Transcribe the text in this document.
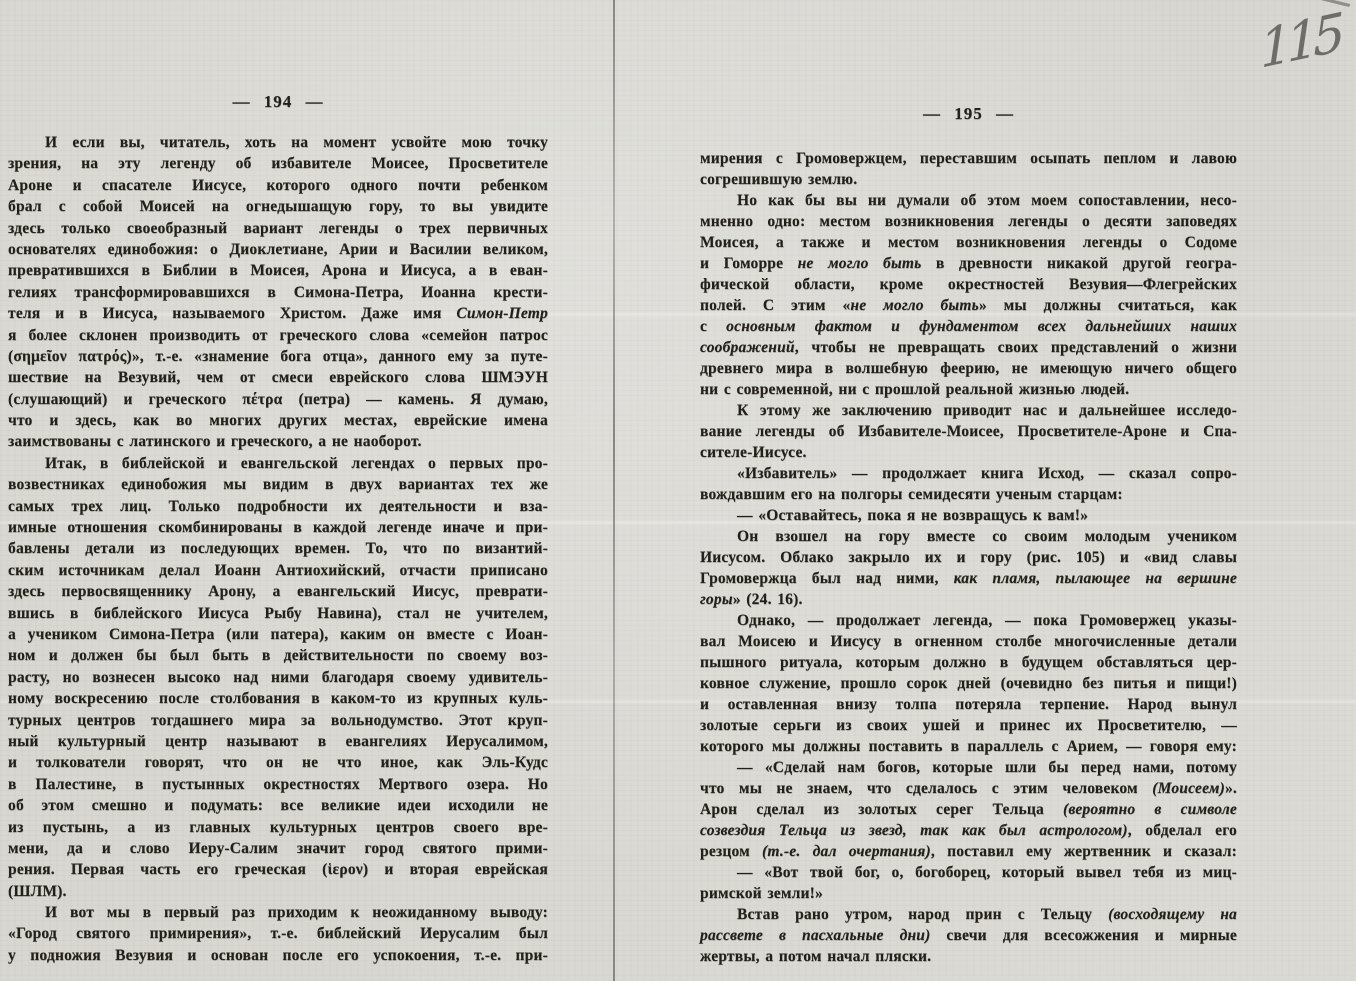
115
— 194 —
И если вы, читатель, хоть на момент усвойте мою точку
зрения, на эту легенду об избавителе Моисее, Просветителе
Ароне и спасателе Иисусе, которого одного почти ребенком
брал с собой Моисей на огнедышащую гору, то вы увидите
здесь только своеобразный вариант легенды о трех первичных
основателях единобожия: о Диоклетиане, Арии и Василии великом,
превратившихся в Библии в Моисея, Арона и Иисуса, а в еван-
гелиях трансформировавшихся в Симона-Петра, Иоанна крести-
теля и в Иисуса, называемого Христом. Даже имя Симон-Петр
я более склонен производить от греческого слова «семейон патрос
(σημεῖον πατρός)», т.-е. «знамение бога отца», данного ему за путе-
шествие на Везувий, чем от смеси еврейского слова ШМЭУН
(слушающий) и греческого πέτρα (петра) — камень. Я думаю,
что и здесь, как во многих других местах, еврейские имена
заимствованы с латинского и греческого, а не наоборот.
Итак, в библейской и евангельской легендах о первых про-
возвестниках единобожия мы видим в двух вариантах тех же
самых трех лиц. Только подробности их деятельности и вза-
имные отношения скомбинированы в каждой легенде иначе и при-
бавлены детали из последующих времен. То, что по византий-
ским источникам делал Иоанн Антиохийский, отчасти приписано
здесь первосвященнику Арону, а евангельский Иисус, преврати-
вшись в библейского Иисуса Рыбу Навина), стал не учителем,
а учеником Симона-Петра (или патера), каким он вместе с Иоан-
ном и должен бы был быть в действительности по своему воз-
расту, но вознесен высоко над ними благодаря своему удивитель-
ному воскресению после столбования в каком-то из крупных куль-
турных центров тогдашнего мира за вольнодумство. Этот круп-
ный культурный центр называют в евангелиях Иерусалимом,
и толкователи говорят, что он не что иное, как Эль-Кудс
в Палестине, в пустынных окрестностях Мертвого озера. Но
об этом смешно и подумать: все великие идеи исходили не
из пустынь, а из главных культурных центров своего вре-
мени, да и слово Иеру-Салим значит город святого прими-
рения. Первая часть его греческая (ἱερον) и вторая еврейская
(ШЛМ).
И вот мы в первый раз приходим к неожиданному выводу:
«Город святого примирения», т.-е. библейский Иерусалим был
у подножия Везувия и основан после его успокоения, т.-е. при-
— 195 —
мирения с Громовержцем, переставшим осыпать пеплом и лавою
согрешившую землю.
Но как бы вы ни думали об этом моем сопоставлении, несо-
мненно одно: местом возникновения легенды о десяти заповедях
Моисея, а также и местом возникновения легенды о Содоме
и Гоморре не могло быть в древности никакой другой геогра-
фической области, кроме окрестностей Везувия—Флегрейских
полей. С этим «не могло быть» мы должны считаться, как
с основным фактом и фундаментом всех дальнейших наших
соображений, чтобы не превращать своих представлений о жизни
древнего мира в волшебную феерию, не имеющую ничего общего
ни с современной, ни с прошлой реальной жизнью людей.
К этому же заключению приводит нас и дальнейшее исследо-
вание легенды об Избавителе-Моисее, Просветителе-Ароне и Спа-
сителе-Иисусе.
«Избавитель» — продолжает книга Исход, — сказал сопро-
вождавшим его на полгоры семидесяти ученым старцам:
— «Оставайтесь, пока я не возвращусь к вам!»
Он взошел на гору вместе со своим молодым учеником
Иисусом. Облако закрыло их и гору (рис. 105) и «вид славы
Громовержца был над ними, как пламя, пылающее на вершине
горы» (24. 16).
Однако, — продолжает легенда, — пока Громовержец указы-
вал Моисею и Иисусу в огненном столбе многочисленные детали
пышного ритуала, которым должно в будущем обставляться цер-
ковное служение, прошло сорок дней (очевидно без питья и пищи!)
и оставленная внизу толпа потеряла терпение. Народ вынул
золотые серьги из своих ушей и принес их Просветителю, —
которого мы должны поставить в параллель с Арием, — говоря ему:
— «Сделай нам богов, которые шли бы перед нами, потому
что мы не знаем, что сделалось с этим человеком (Моисеем)».
Арон сделал из золотых серег Тельца (вероятно в символе
созвездия Тельца из звезд, так как был астрологом), обделал его
резцом (т.-е. дал очертания), поставил ему жертвенник и сказал:
— «Вот твой бог, о, богоборец, который вывел тебя из миц-
римской земли!»
Встав рано утром, народ прин с Тельцу (восходящему на
рассвете в пасхальные дни) свечи для всесожжения и мирные
жертвы, а потом начал пляски.
